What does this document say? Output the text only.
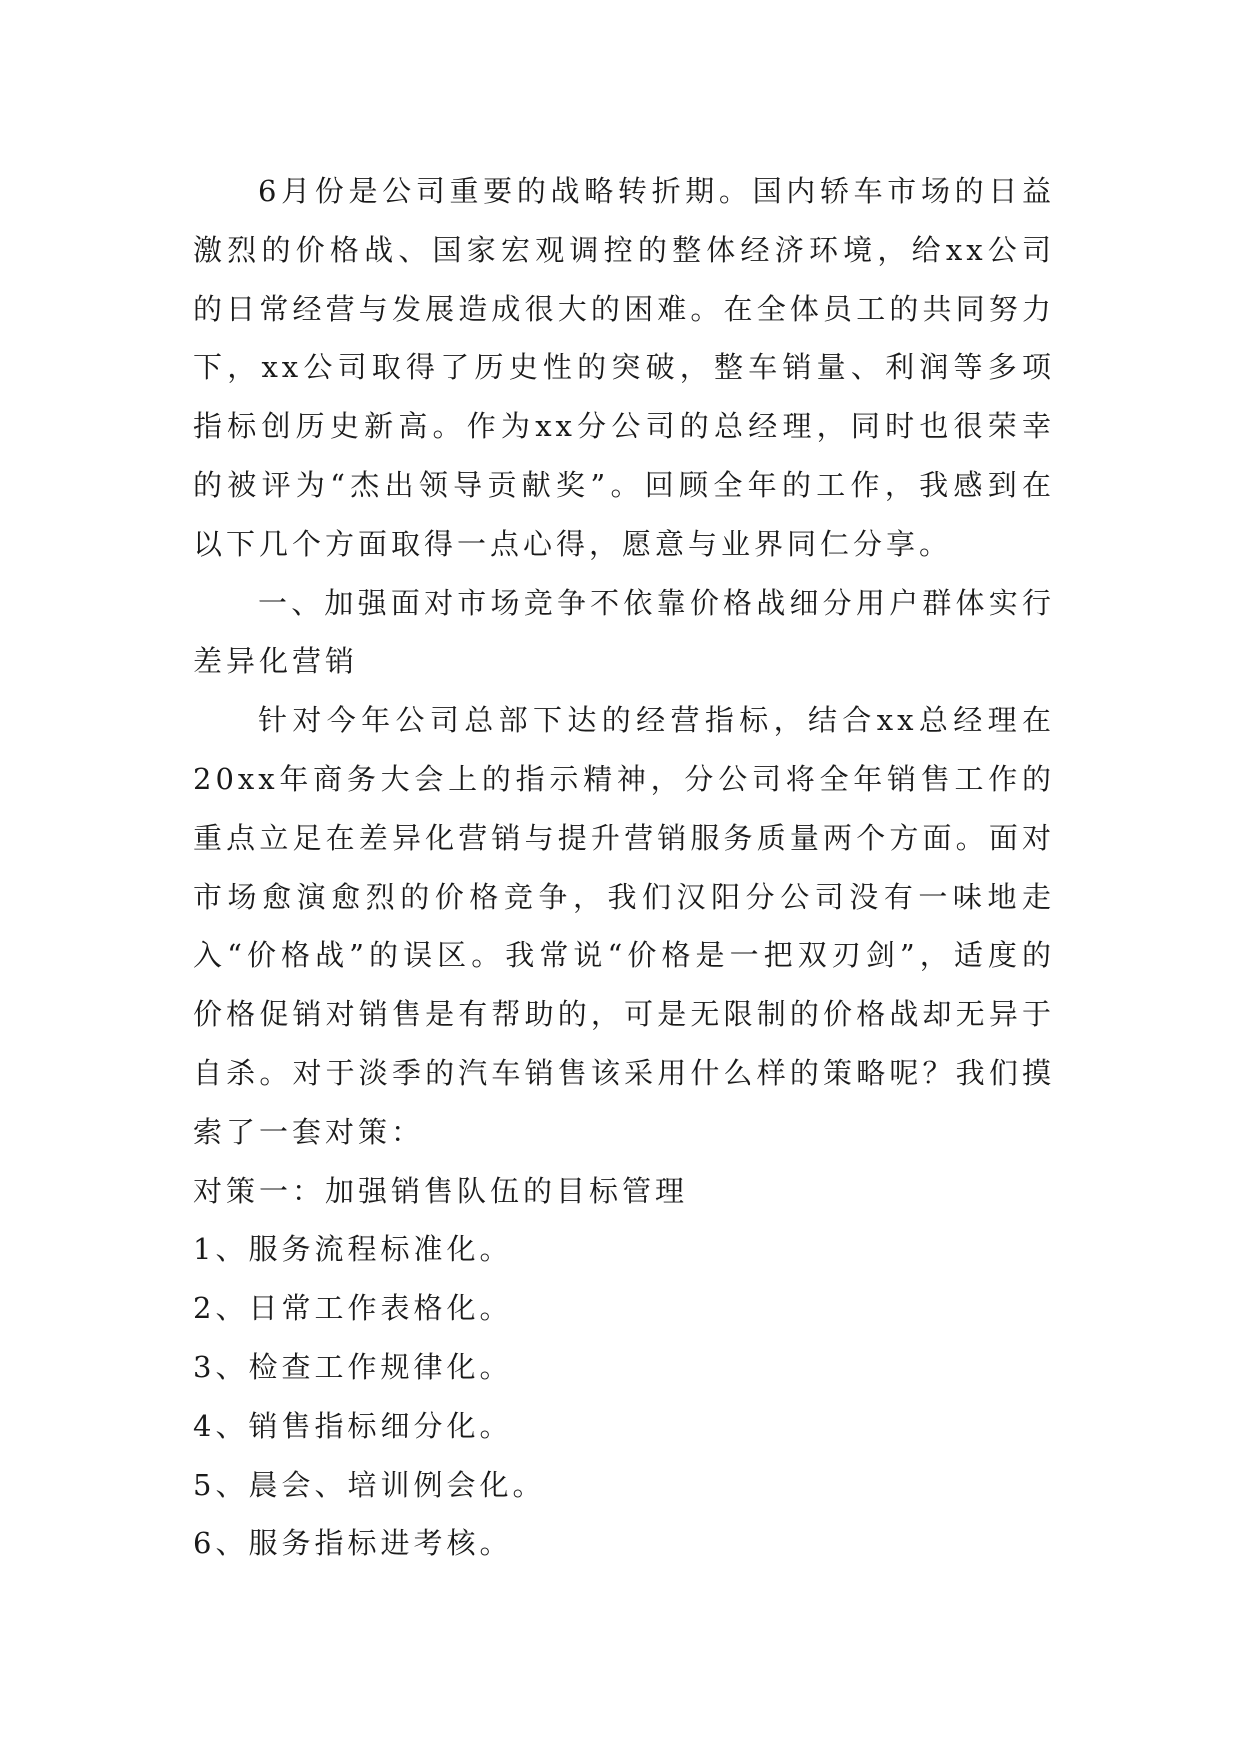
6月份是公司重要的战略转折期。国内轿车市场的日益激烈的价格战、国家宏观调控的整体经济环境，给xx公司的日常经营与发展造成很大的困难。在全体员工的共同努力下，xx公司取得了历史性的突破，整车销量、利润等多项指标创历史新高。作为xx分公司的总经理，同时也很荣幸的被评为“杰出领导贡献奖”。回顾全年的工作，我感到在以下几个方面取得一点心得，愿意与业界同仁分享。

一、加强面对市场竞争不依靠价格战细分用户群体实行差异化营销

针对今年公司总部下达的经营指标，结合xx总经理在20xx年商务大会上的指示精神，分公司将全年销售工作的重点立足在差异化营销与提升营销服务质量两个方面。面对市场愈演愈烈的价格竞争，我们汉阳分公司没有一味地走入“价格战”的误区。我常说“价格是一把双刃剑”，适度的价格促销对销售是有帮助的，可是无限制的价格战却无异于自杀。对于淡季的汽车销售该采用什么样的策略呢？我们摸索了一套对策：

对策一：加强销售队伍的目标管理

1、服务流程标准化。

2、日常工作表格化。

3、检查工作规律化。

4、销售指标细分化。

5、晨会、培训例会化。

6、服务指标进考核。
